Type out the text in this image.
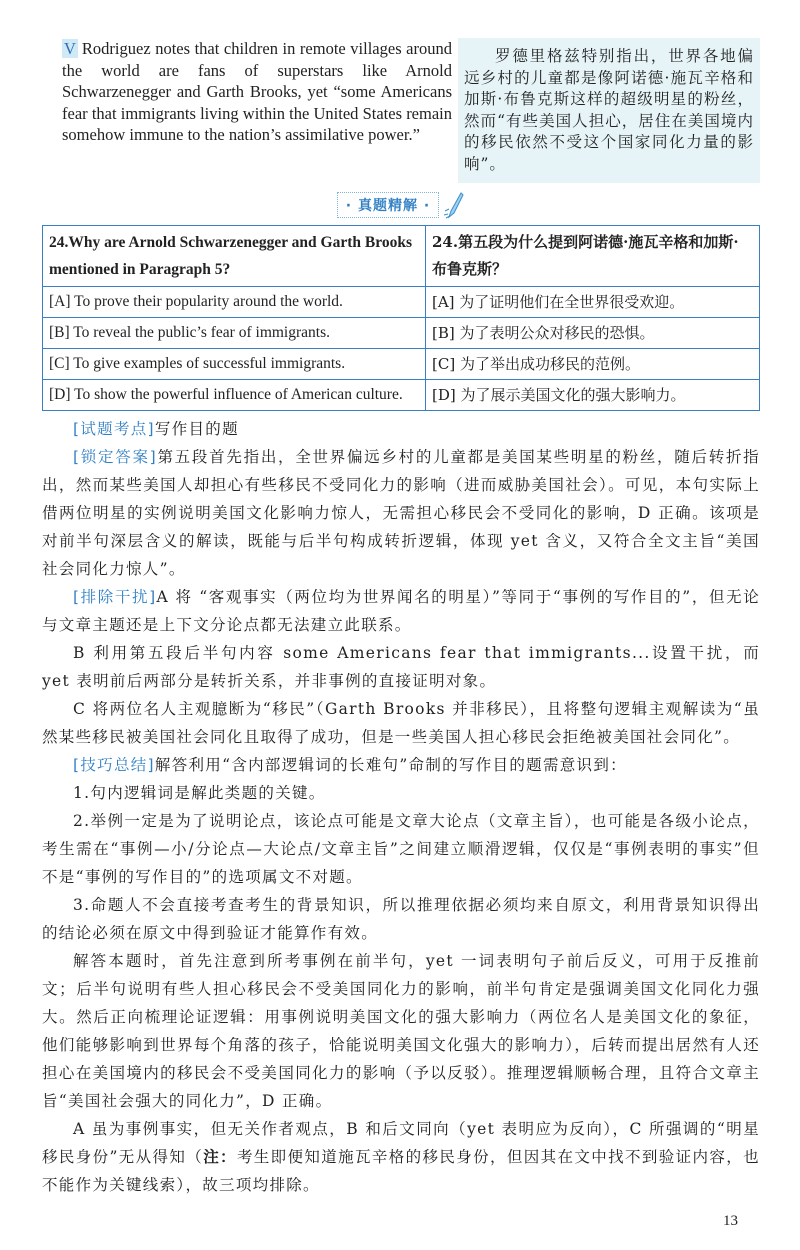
V Rodriguez notes that children in remote villages around the world are fans of superstars like Arnold Schwarzenegger and Garth Brooks, yet “some Americans fear that immigrants living within the United States remain somehow immune to the nation’s assimilative power.”
罗德里格兹特别指出，世界各地偏远乡村的儿童都是像阿诺德·施瓦辛格和加斯·布鲁克斯这样的超级明星的粉丝，然而“有些美国人担心，居住在美国境内的移民依然不受这个国家同化力量的影响”。
· 真题精解 ·
24.Why are Arnold Schwarzenegger and Garth Brooks mentioned in Paragraph 5?	24.第五段为什么提到阿诺德·施瓦辛格和加斯·布鲁克斯？
[A] To prove their popularity around the world.	[A] 为了证明他们在全世界很受欢迎。
[B] To reveal the public’s fear of immigrants.	[B] 为了表明公众对移民的恐惧。
[C] To give examples of successful immigrants.	[C] 为了举出成功移民的范例。
[D] To show the powerful influence of American culture.	[D] 为了展示美国文化的强大影响力。

[试题考点]写作目的题

[锁定答案]第五段首先指出，全世界偏远乡村的儿童都是美国某些明星的粉丝，随后转折指出，然而某些美国人却担心有些移民不受同化力的影响（进而威胁美国社会）。可见，本句实际上借两位明星的实例说明美国文化影响力惊人，无需担心移民会不受同化的影响，D 正确。该项是对前半句深层含义的解读，既能与后半句构成转折逻辑，体现 yet 含义，又符合全文主旨“美国社会同化力惊人”。

[排除干扰]A 将 “客观事实（两位均为世界闻名的明星）”等同于“事例的写作目的”，但无论与文章主题还是上下文分论点都无法建立此联系。

B 利用第五段后半句内容 some Americans fear that immigrants...设置干扰，而 yet 表明前后两部分是转折关系，并非事例的直接证明对象。

C 将两位名人主观臆断为“移民”（Garth Brooks 并非移民），且将整句逻辑主观解读为“虽然某些移民被美国社会同化且取得了成功，但是一些美国人担心移民会拒绝被美国社会同化”。

[技巧总结]解答利用“含内部逻辑词的长难句”命制的写作目的题需意识到：

1.句内逻辑词是解此类题的关键。

2.举例一定是为了说明论点，该论点可能是文章大论点（文章主旨），也可能是各级小论点，考生需在“事例—小/分论点—大论点/文章主旨”之间建立顺滑逻辑，仅仅是“事例表明的事实”但不是“事例的写作目的”的选项属文不对题。

3.命题人不会直接考查考生的背景知识，所以推理依据必须均来自原文，利用背景知识得出的结论必须在原文中得到验证才能算作有效。

解答本题时，首先注意到所考事例在前半句，yet 一词表明句子前后反义，可用于反推前文；后半句说明有些人担心移民会不受美国同化力的影响，前半句肯定是强调美国文化同化力强大。然后正向梳理论证逻辑：用事例说明美国文化的强大影响力（两位名人是美国文化的象征，他们能够影响到世界每个角落的孩子，恰能说明美国文化强大的影响力），后转而提出居然有人还担心在美国境内的移民会不受美国同化力的影响（予以反驳）。推理逻辑顺畅合理，且符合文章主旨“美国社会强大的同化力”，D 正确。

A 虽为事例事实，但无关作者观点，B 和后文同向（yet 表明应为反向），C 所强调的“明星移民身份”无从得知（注：考生即便知道施瓦辛格的移民身份，但因其在文中找不到验证内容，也不能作为关键线索），故三项均排除。

13
